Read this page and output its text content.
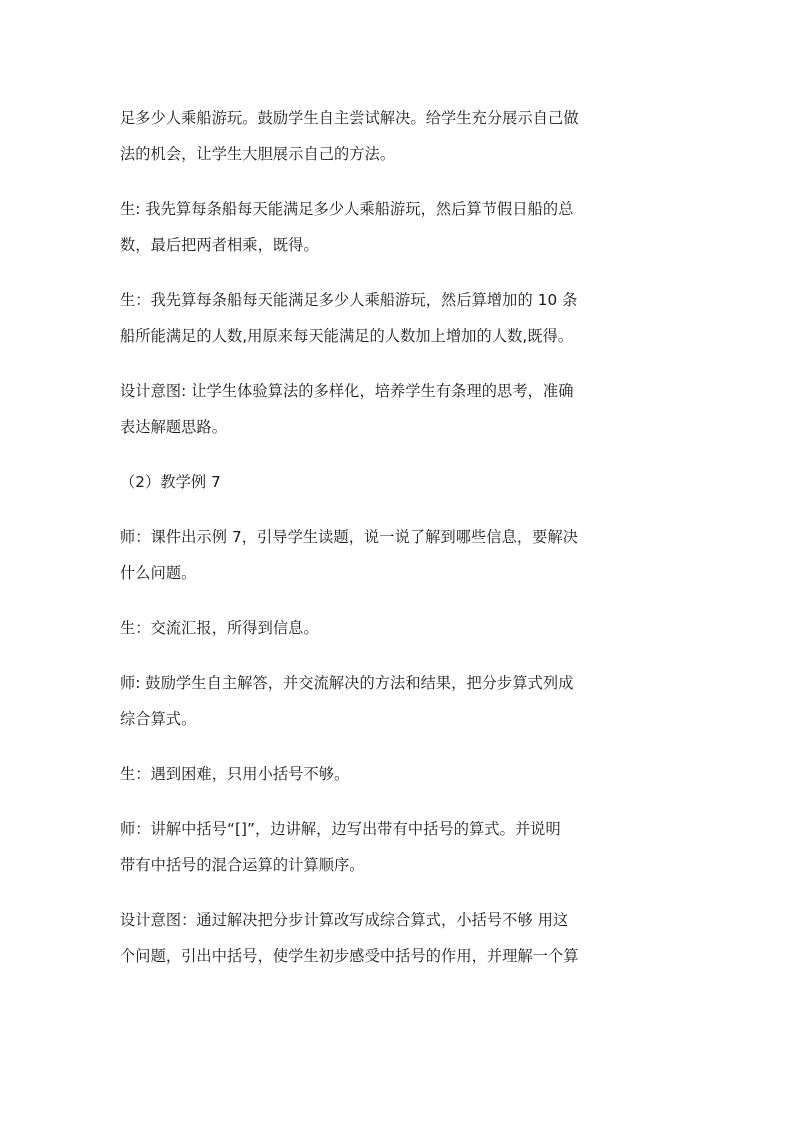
足多少人乘船游玩。鼓励学生自主尝试解决。给学生充分展示自己做
法的机会，让学生大胆展示自己的方法。

生: 我先算每条船每天能满足多少人乘船游玩，然后算节假日船的总
数，最后把两者相乘，既得。

生：我先算每条船每天能满足多少人乘船游玩，然后算增加的 10 条
船所能满足的人数,用原来每天能满足的人数加上增加的人数,既得。

设计意图: 让学生体验算法的多样化，培养学生有条理的思考，准确
表达解题思路。

（2）教学例 7

师：课件出示例 7，引导学生读题，说一说了解到哪些信息，要解决
什么问题。

生：交流汇报，所得到信息。

师: 鼓励学生自主解答，并交流解决的方法和结果，把分步算式列成
综合算式。

生：遇到困难，只用小括号不够。

师：讲解中括号“[]”，边讲解，边写出带有中括号的算式。并说明
带有中括号的混合运算的计算顺序。

设计意图：通过解决把分步计算改写成综合算式，小括号不够 用这
个问题，引出中括号，使学生初步感受中括号的作用，并理解一个算
